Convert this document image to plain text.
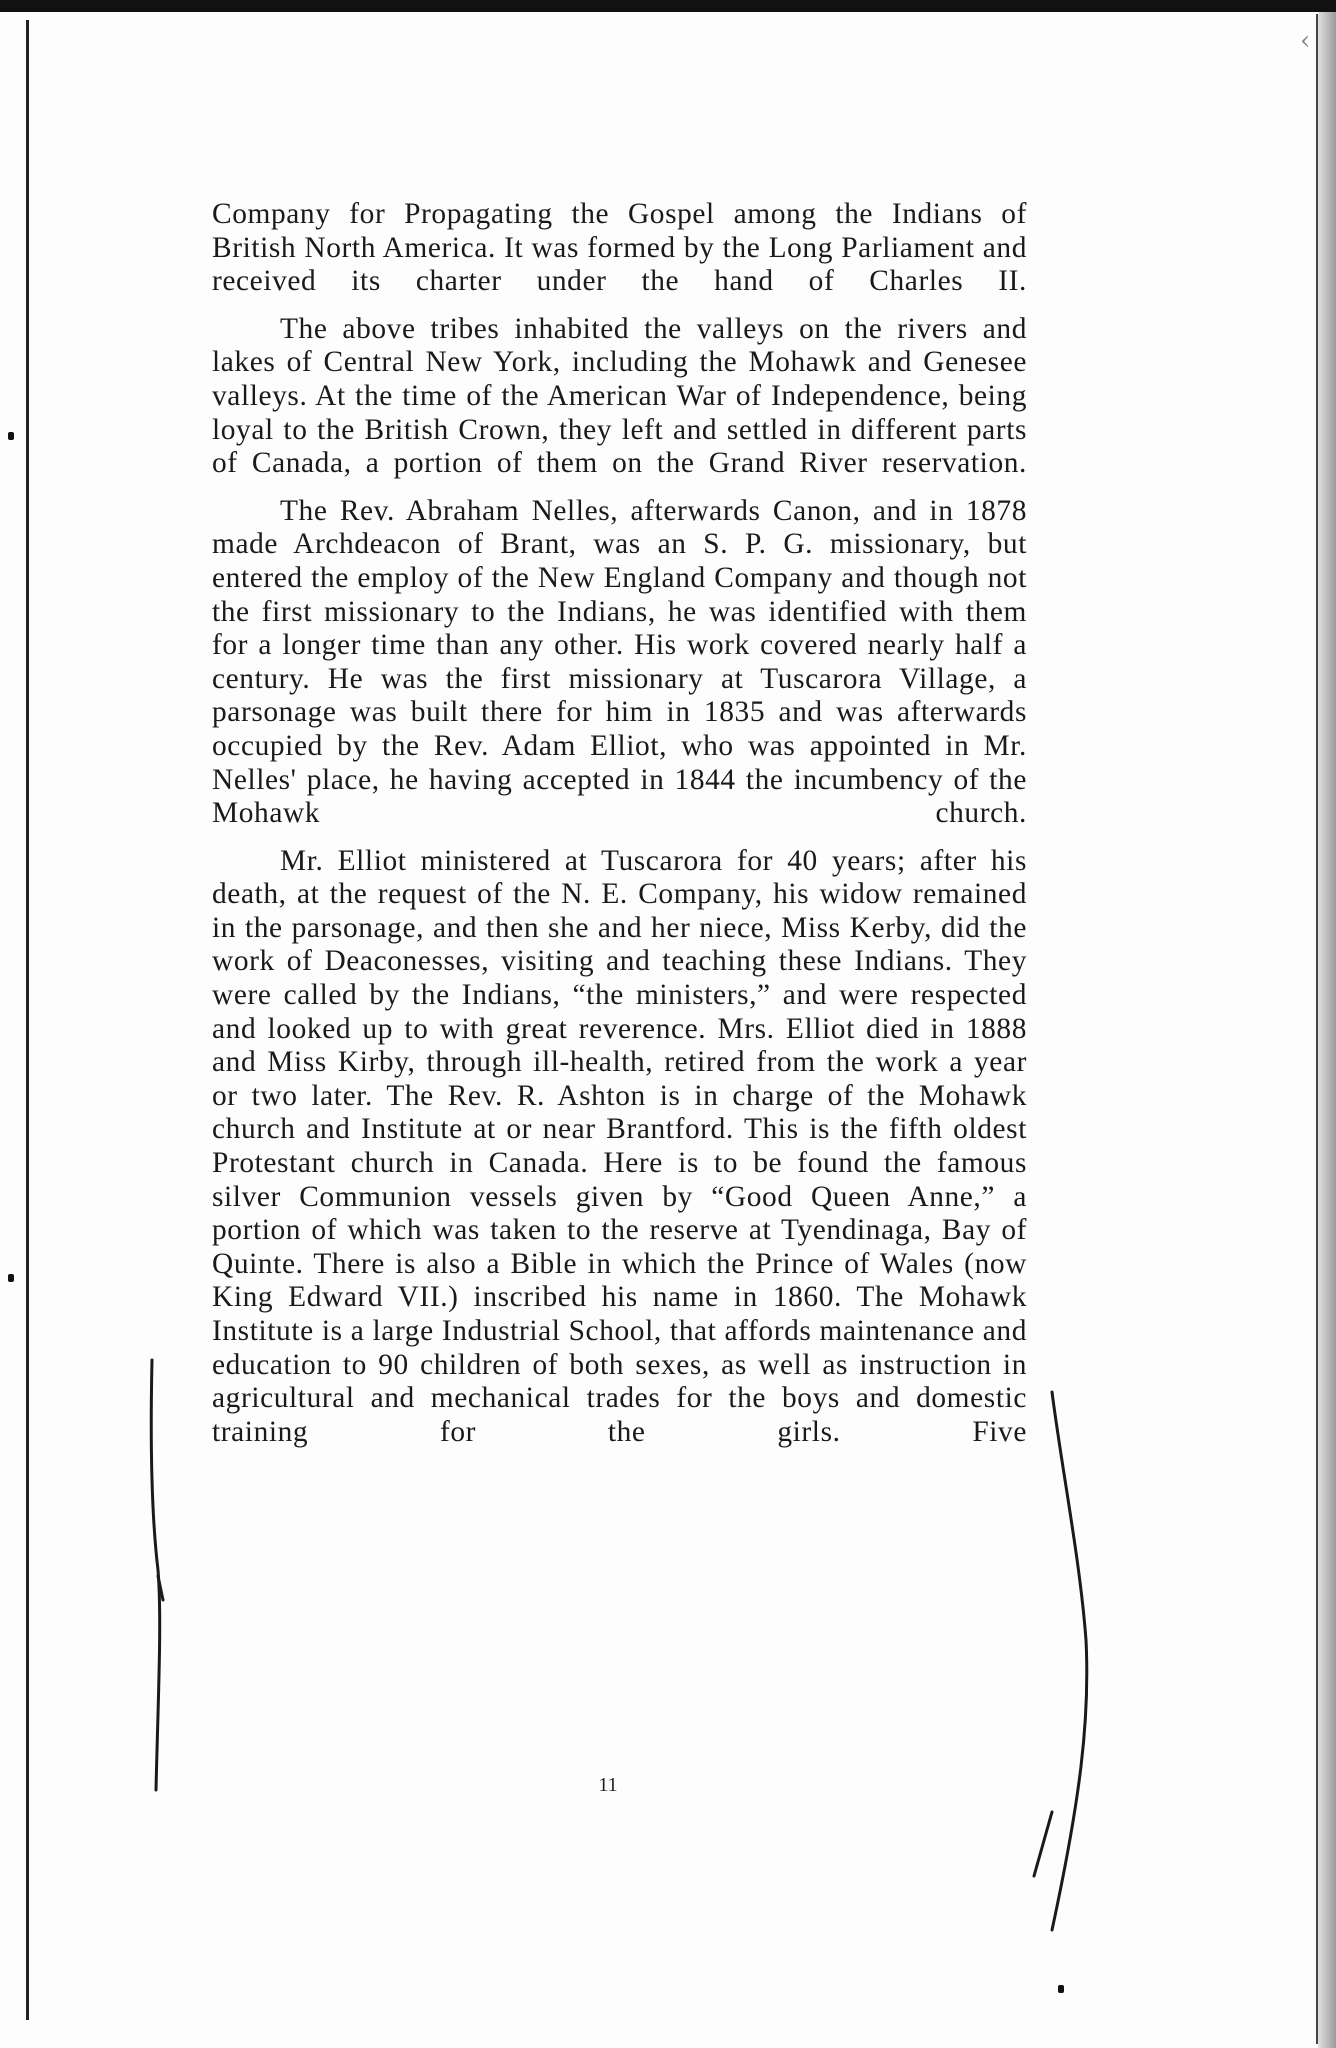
‹

Company for Propagating the Gospel among the Indians of British North America. It was formed by the Long Parliament and received its charter under the hand of Charles II.

The above tribes inhabited the valleys on the rivers and lakes of Central New York, including the Mohawk and Genesee valleys. At the time of the American War of Independence, being loyal to the British Crown, they left and settled in different parts of Canada, a portion of them on the Grand River reservation.

The Rev. Abraham Nelles, afterwards Canon, and in 1878 made Archdeacon of Brant, was an S. P. G. missionary, but entered the employ of the New England Company and though not the first missionary to the Indians, he was identified with them for a longer time than any other. His work covered nearly half a century. He was the first missionary at Tuscarora Village, a parsonage was built there for him in 1835 and was afterwards occupied by the Rev. Adam Elliot, who was appointed in Mr. Nelles' place, he having accepted in 1844 the incumbency of the Mohawk church.

Mr. Elliot ministered at Tuscarora for 40 years; after his death, at the request of the N. E. Company, his widow remained in the parsonage, and then she and her niece, Miss Kerby, did the work of Deaconesses, visiting and teaching these Indians. They were called by the Indians, “the ministers,” and were respected and looked up to with great reverence. Mrs. Elliot died in 1888 and Miss Kirby, through ill-health, retired from the work a year or two later. The Rev. R. Ashton is in charge of the Mohawk church and Institute at or near Brantford. This is the fifth oldest Protestant church in Canada. Here is to be found the famous silver Communion vessels given by “Good Queen Anne,” a portion of which was taken to the reserve at Tyendinaga, Bay of Quinte. There is also a Bible in which the Prince of Wales (now King Edward VII.) inscribed his name in 1860. The Mohawk Institute is a large Industrial School, that affords maintenance and education to 90 children of both sexes, as well as instruction in agricultural and mechanical trades for the boys and domestic training for the girls. Five

11
